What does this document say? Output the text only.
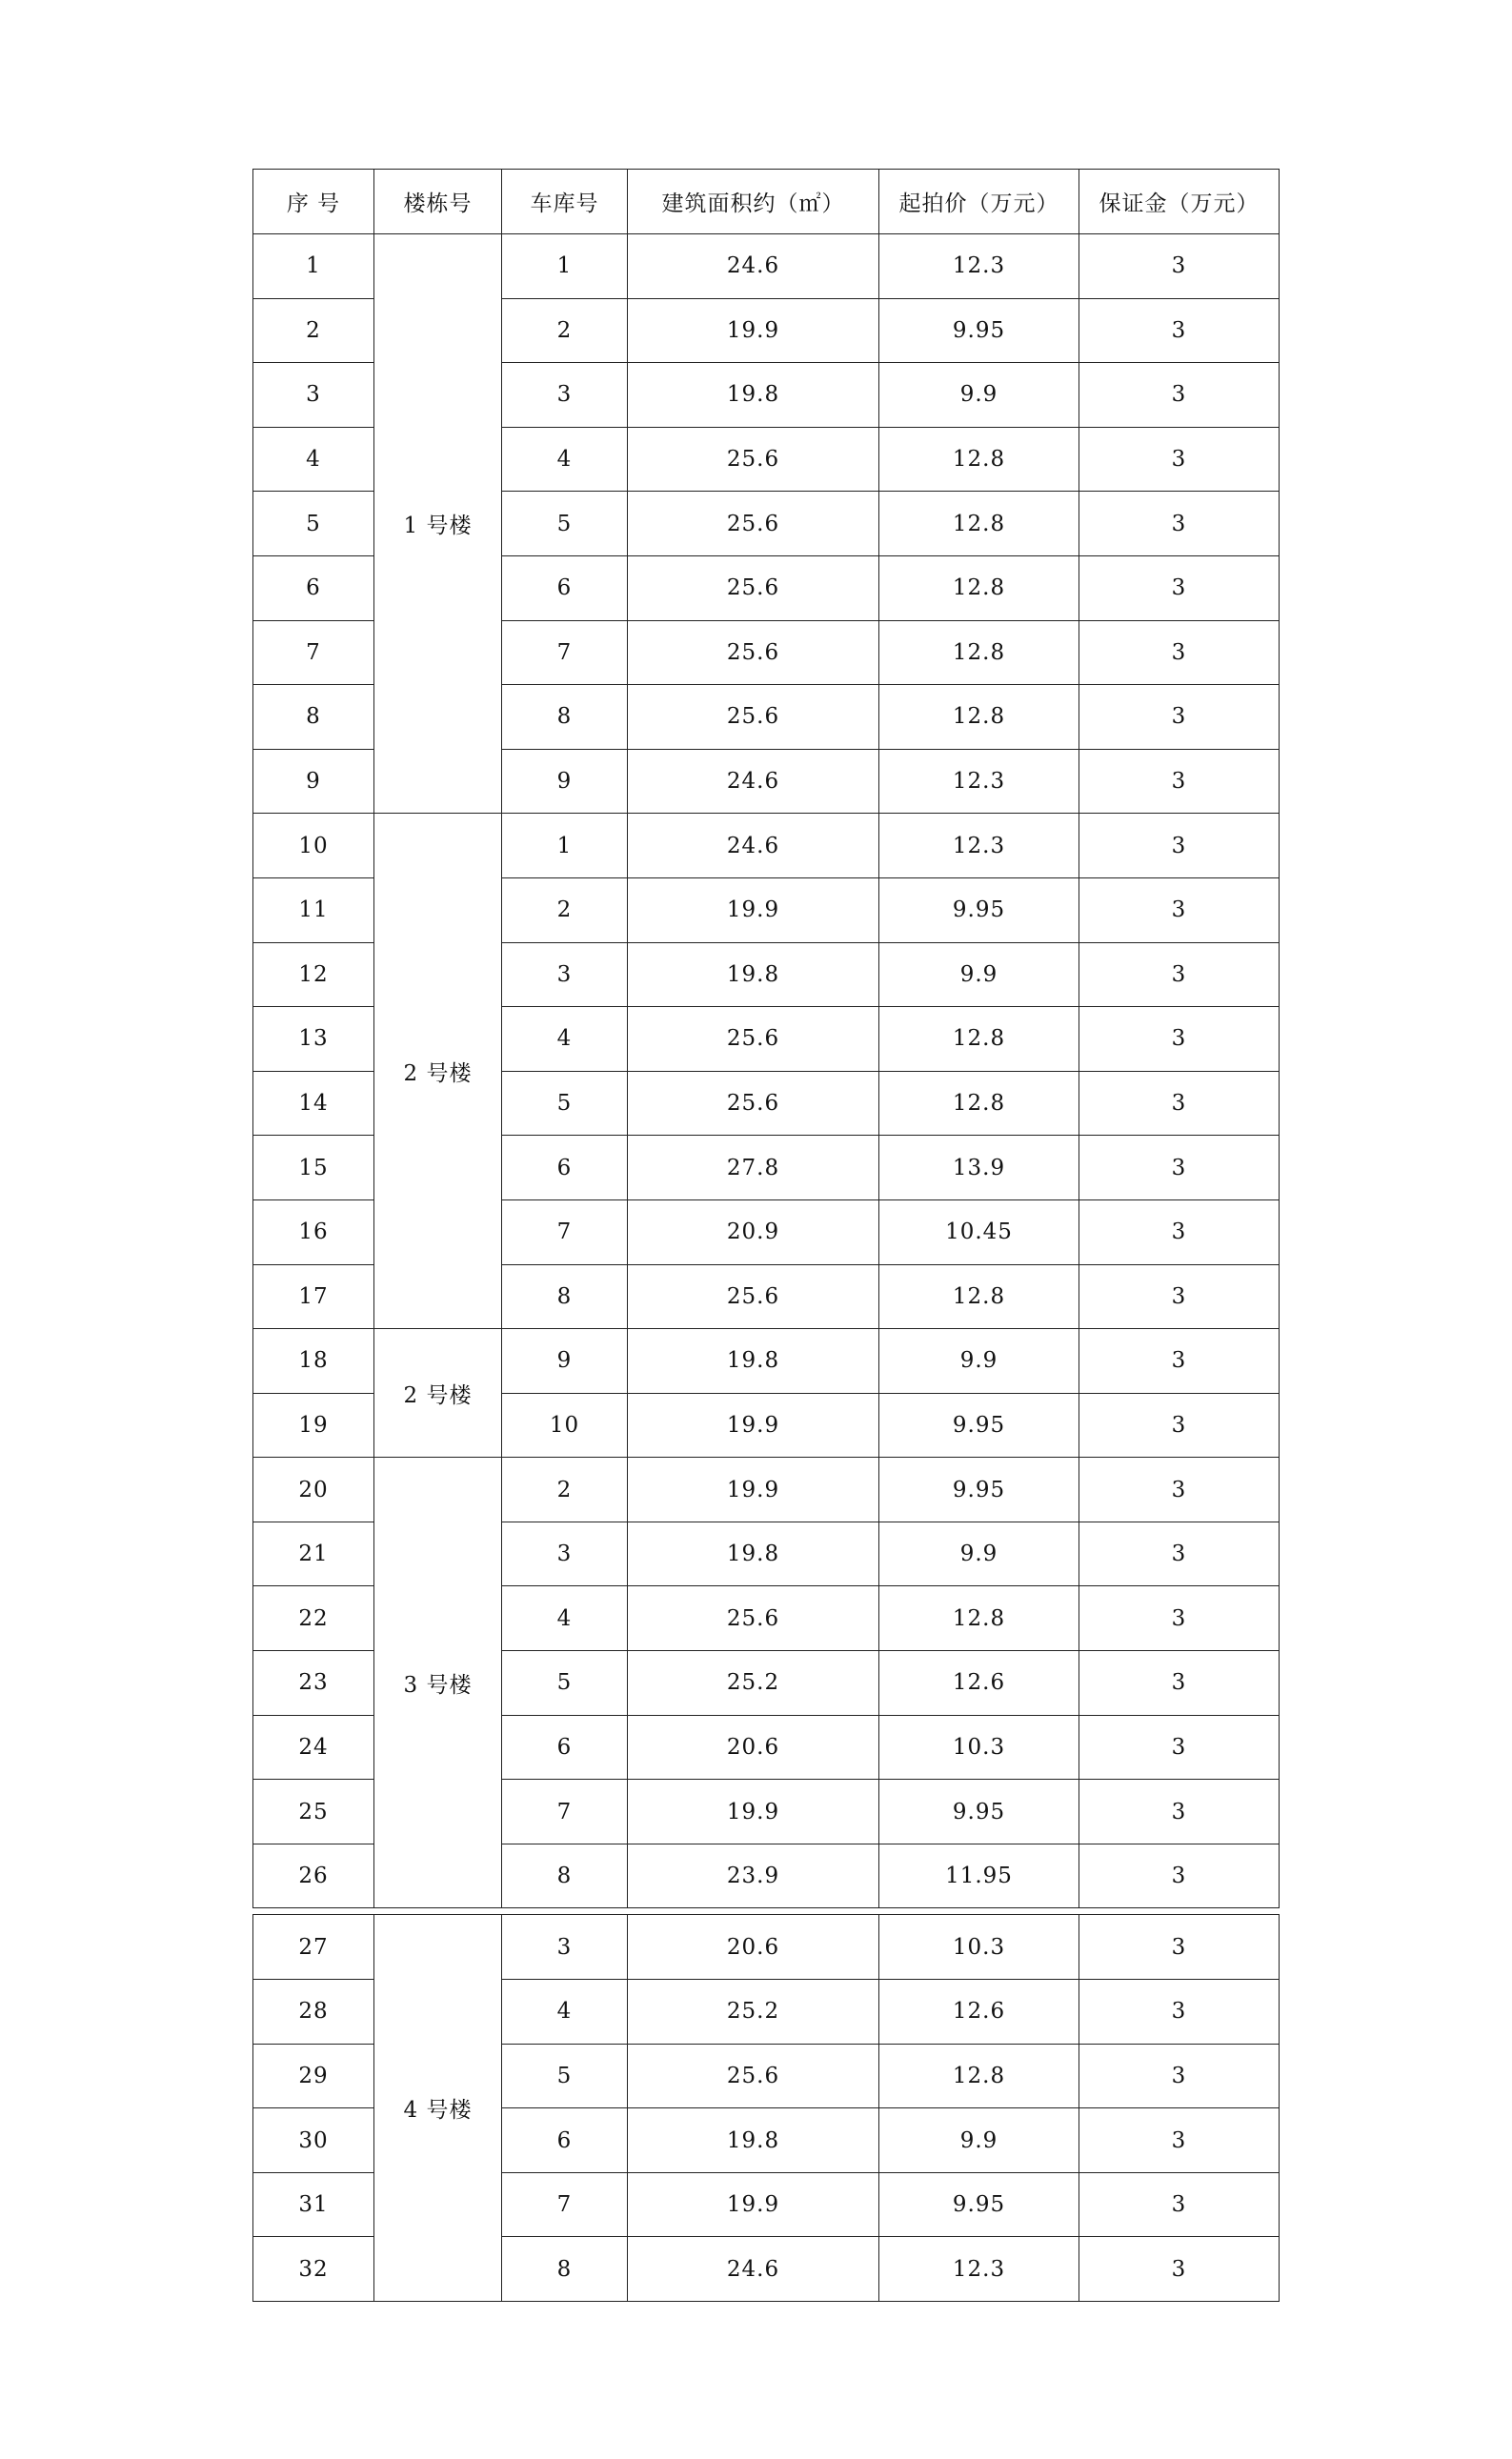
序 号	楼栋号	车库号	建筑面积约（㎡）	起拍价（万元）	保证金（万元）
1	1 号楼	1	24.6	12.3	3
2		2	19.9	9.95	3
3		3	19.8	9.9	3
4		4	25.6	12.8	3
5		5	25.6	12.8	3
6		6	25.6	12.8	3
7		7	25.6	12.8	3
8		8	25.6	12.8	3
9		9	24.6	12.3	3
10	2 号楼	1	24.6	12.3	3
11		2	19.9	9.95	3
12		3	19.8	9.9	3
13		4	25.6	12.8	3
14		5	25.6	12.8	3
15		6	27.8	13.9	3
16		7	20.9	10.45	3
17		8	25.6	12.8	3
18	2 号楼	9	19.8	9.9	3
19		10	19.9	9.95	3
20	3 号楼	2	19.9	9.95	3
21		3	19.8	9.9	3
22		4	25.6	12.8	3
23		5	25.2	12.6	3
24		6	20.6	10.3	3
25		7	19.9	9.95	3
26		8	23.9	11.95	3
27	4 号楼	3	20.6	10.3	3
28		4	25.2	12.6	3
29		5	25.6	12.8	3
30		6	19.8	9.9	3
31		7	19.9	9.95	3
32		8	24.6	12.3	3
